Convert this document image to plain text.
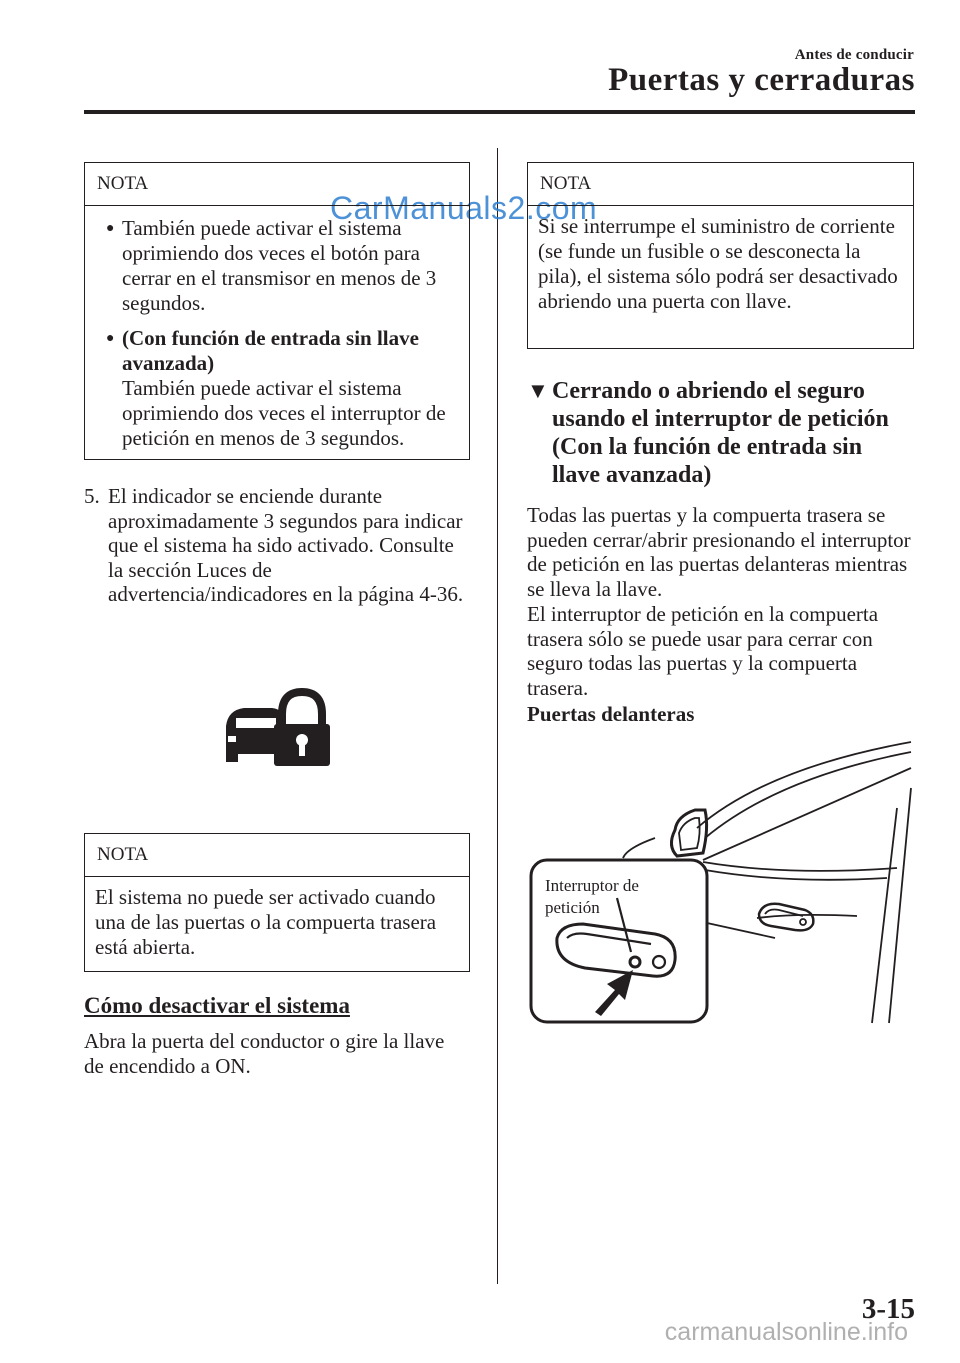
Antes de conducir
Puertas y cerraduras
CarManuals2.com
NOTA
● También puede activar el sistema oprimiendo dos veces el botón para cerrar en el transmisor en menos de 3 segundos.
● (Con función de entrada sin llave avanzada)
También puede activar el sistema oprimiendo dos veces el interruptor de petición en menos de 3 segundos.
5. El indicador se enciende durante aproximadamente 3 segundos para indicar que el sistema ha sido activado. Consulte la sección Luces de advertencia/indicadores en la página 4-36.
NOTA
El sistema no puede ser activado cuando una de las puertas o la compuerta trasera está abierta.
Cómo desactivar el sistema
Abra la puerta del conductor o gire la llave de encendido a ON.
NOTA
Si se interrumpe el suministro de corriente (se funde un fusible o se desconecta la pila), el sistema sólo podrá ser desactivado abriendo una puerta con llave.
▼ Cerrando o abriendo el seguro usando el interruptor de petición (Con la función de entrada sin llave avanzada)
Todas las puertas y la compuerta trasera se pueden cerrar/abrir presionando el interruptor de petición en las puertas delanteras mientras se lleva la llave.
El interruptor de petición en la compuerta trasera sólo se puede usar para cerrar con seguro todas las puertas y la compuerta trasera.
Puertas delanteras
Interruptor de
petición
3-15
carmanualsonline.info
